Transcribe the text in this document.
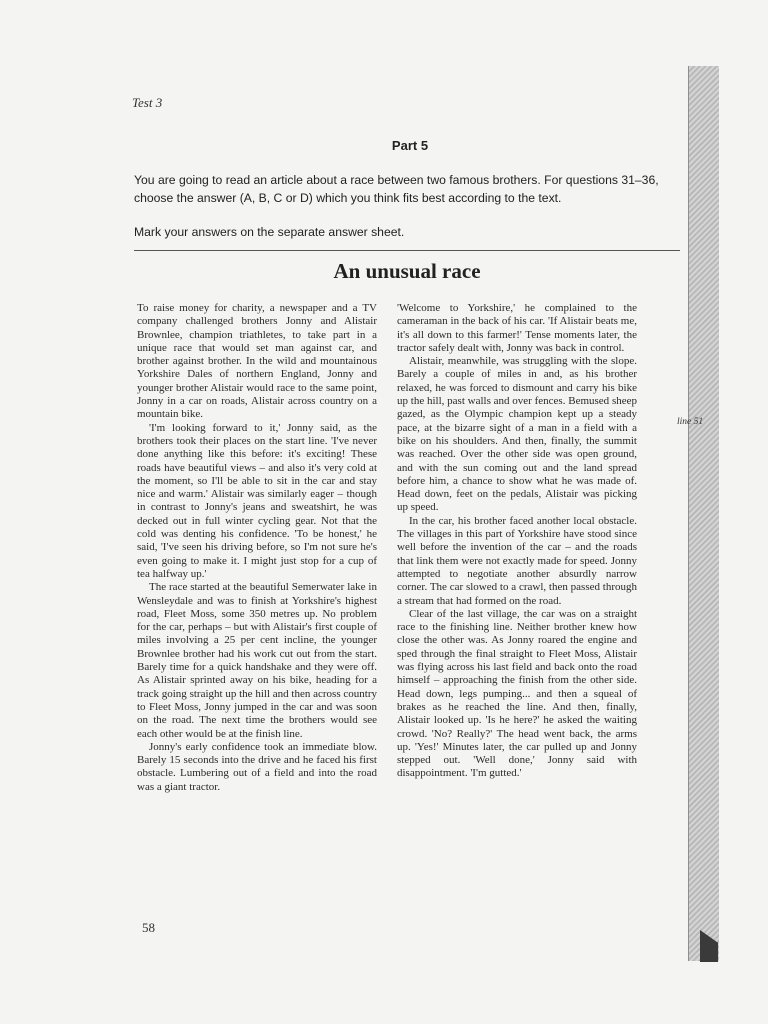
Test 3
Part 5
You are going to read an article about a race between two famous brothers. For questions 31–36, choose the answer (A, B, C or D) which you think fits best according to the text.
Mark your answers on the separate answer sheet.
An unusual race

To raise money for charity, a newspaper and a TV company challenged brothers Jonny and Alistair Brownlee, champion triathletes, to take part in a unique race that would set man against car, and brother against brother. In the wild and mountainous Yorkshire Dales of northern England, Jonny and younger brother Alistair would race to the same point, Jonny in a car on roads, Alistair across country on a mountain bike.

'I'm looking forward to it,' Jonny said, as the brothers took their places on the start line. 'I've never done anything like this before: it's exciting! These roads have beautiful views – and also it's very cold at the moment, so I'll be able to sit in the car and stay nice and warm.' Alistair was similarly eager – though in contrast to Jonny's jeans and sweatshirt, he was decked out in full winter cycling gear. Not that the cold was denting his confidence. 'To be honest,' he said, 'I've seen his driving before, so I'm not sure he's even going to make it. I might just stop for a cup of tea halfway up.'

The race started at the beautiful Semerwater lake in Wensleydale and was to finish at Yorkshire's highest road, Fleet Moss, some 350 metres up. No problem for the car, perhaps – but with Alistair's first couple of miles involving a 25 per cent incline, the younger Brownlee brother had his work cut out from the start. Barely time for a quick handshake and they were off. As Alistair sprinted away on his bike, heading for a track going straight up the hill and then across country to Fleet Moss, Jonny jumped in the car and was soon on the road. The next time the brothers would see each other would be at the finish line.

Jonny's early confidence took an immediate blow. Barely 15 seconds into the drive and he faced his first obstacle. Lumbering out of a field and into the road was a giant tractor.

'Welcome to Yorkshire,' he complained to the cameraman in the back of his car. 'If Alistair beats me, it's all down to this farmer!' Tense moments later, the tractor safely dealt with, Jonny was back in control.

Alistair, meanwhile, was struggling with the slope. Barely a couple of miles in and, as his brother relaxed, he was forced to dismount and carry his bike up the hill, past walls and over fences. Bemused sheep gazed, as the Olympic champion kept up a steady pace, at the bizarre sight of a man in a field with a bike on his shoulders. And then, finally, the summit was reached. Over the other side was open ground, and with the sun coming out and the land spread before him, a chance to show what he was made of. Head down, feet on the pedals, Alistair was picking up speed.

In the car, his brother faced another local obstacle. The villages in this part of Yorkshire have stood since well before the invention of the car – and the roads that link them were not exactly made for speed. Jonny attempted to negotiate another absurdly narrow corner. The car slowed to a crawl, then passed through a stream that had formed on the road.

Clear of the last village, the car was on a straight race to the finishing line. Neither brother knew how close the other was. As Jonny roared the engine and sped through the final straight to Fleet Moss, Alistair was flying across his last field and back onto the road himself – approaching the finish from the other side. Head down, legs pumping... and then a squeal of brakes as he reached the line. And then, finally, Alistair looked up. 'Is he here?' he asked the waiting crowd. 'No? Really?' The head went back, the arms up. 'Yes!' Minutes later, the car pulled up and Jonny stepped out. 'Well done,' Jonny said with disappointment. 'I'm gutted.'

line 51
58
